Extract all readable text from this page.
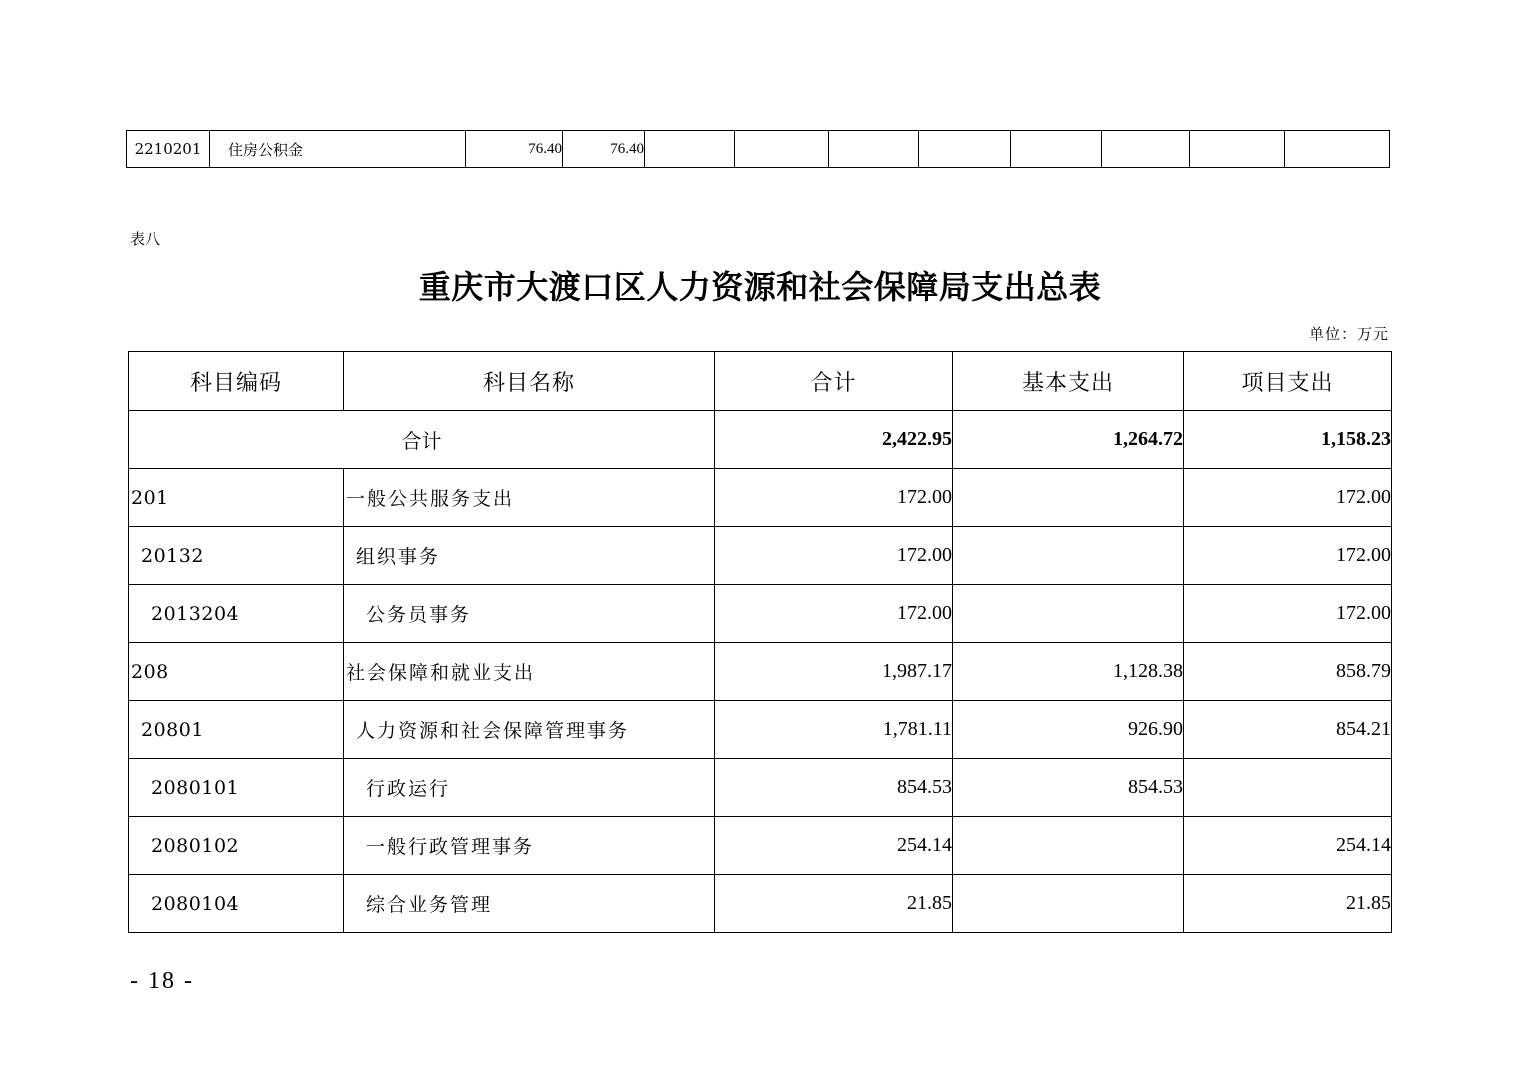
2210201	住房公积金	76.40	76.40								
表八
重庆市大渡口区人力资源和社会保障局支出总表
单位：万元
科目编码	科目名称	合计	基本支出	项目支出
合计		2,422.95	1,264.72	1,158.23
201	一般公共服务支出	172.00		172.00
20132	组织事务	172.00		172.00
2013204	公务员事务	172.00		172.00
208	社会保障和就业支出	1,987.17	1,128.38	858.79
20801	人力资源和社会保障管理事务	1,781.11	926.90	854.21
2080101	行政运行	854.53	854.53	
2080102	一般行政管理事务	254.14		254.14
2080104	综合业务管理	21.85		21.85
- 18 -
